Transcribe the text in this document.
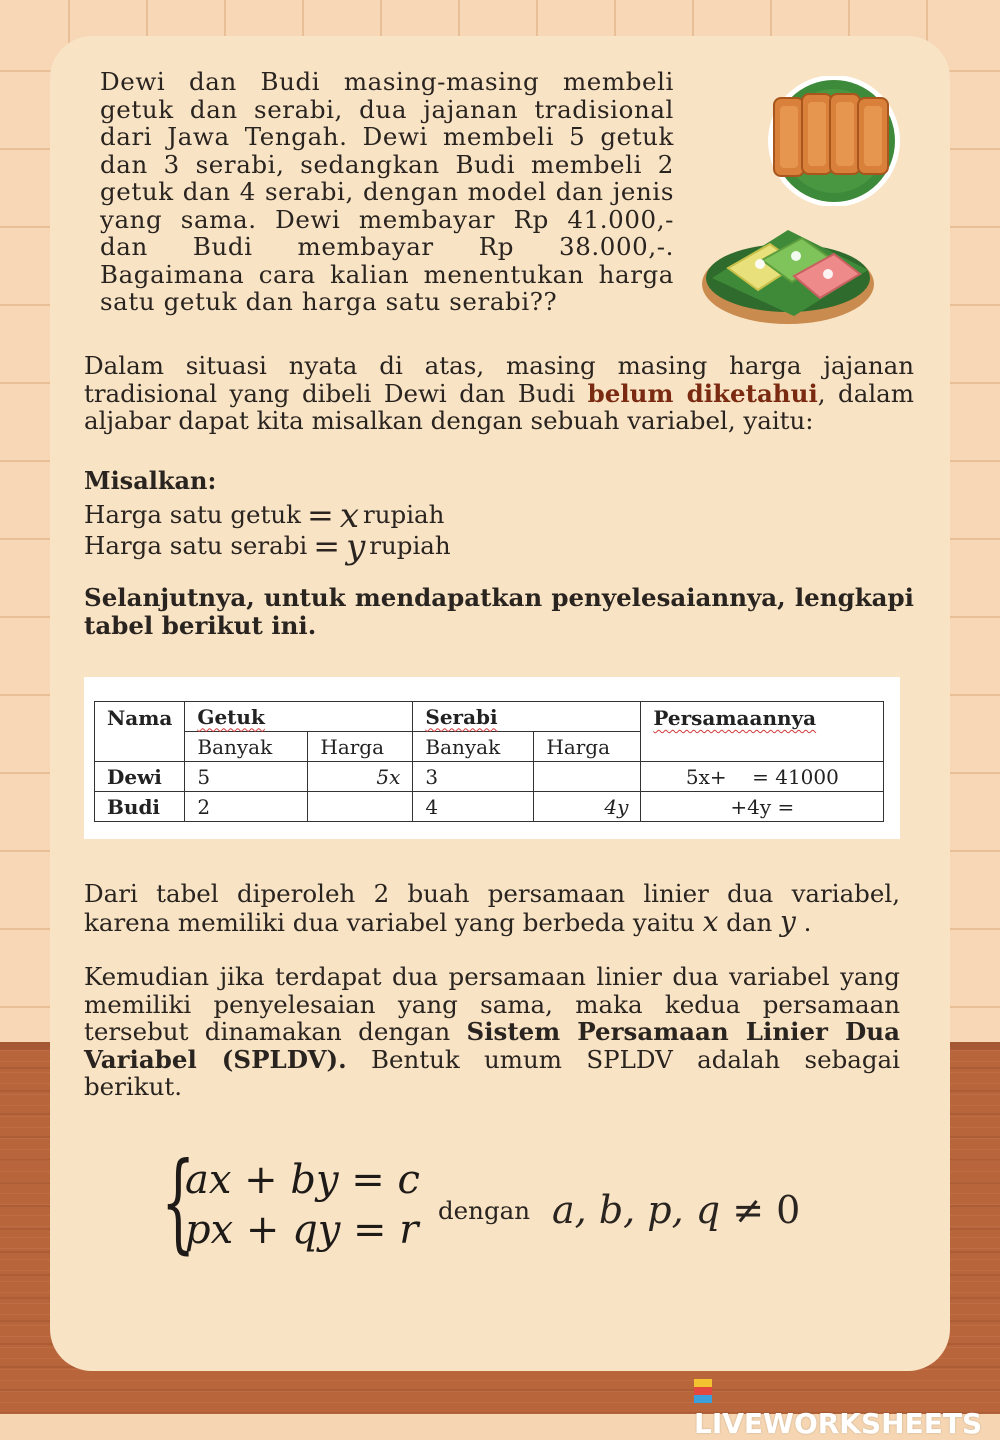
Dewi dan Budi masing-masing membeli getuk dan serabi, dua jajanan tradisional dari Jawa Tengah. Dewi membeli 5 getuk dan 3 serabi, sedangkan Budi membeli 2 getuk dan 4 serabi, dengan model dan jenis yang sama. Dewi membayar Rp 41.000,- dan Budi membayar Rp 38.000,-. Bagaimana cara kalian menentukan harga satu getuk dan harga satu serabi??

Dalam situasi nyata di atas, masing masing harga jajanan tradisional yang dibeli Dewi dan Budi belum diketahui, dalam aljabar dapat kita misalkan dengan sebuah variabel, yaitu:

Misalkan:

Harga satu getuk = x rupiah
Harga satu serabi = y rupiah

Selanjutnya, untuk mendapatkan penyelesaiannya, lengkapi tabel berikut ini.

Nama	Getuk		Serabi		Persamaannya
	Banyak	Harga	Banyak	Harga	
Dewi	5	5x	3		5x+    = 41000
Budi	2		4	4y	+4y =

Dari tabel diperoleh 2 buah persamaan linier dua variabel, karena memiliki dua variabel yang berbeda yaitu x dan y .

Kemudian jika terdapat dua persamaan linier dua variabel yang memiliki penyelesaian yang sama, maka kedua persamaan tersebut dinamakan dengan Sistem Persamaan Linier Dua Variabel (SPLDV). Bentuk umum SPLDV adalah sebagai berikut.

{
ax + by = c
px + qy = r dengan a, b, p, q ≠ 0
LIVEWORKSHEETS
